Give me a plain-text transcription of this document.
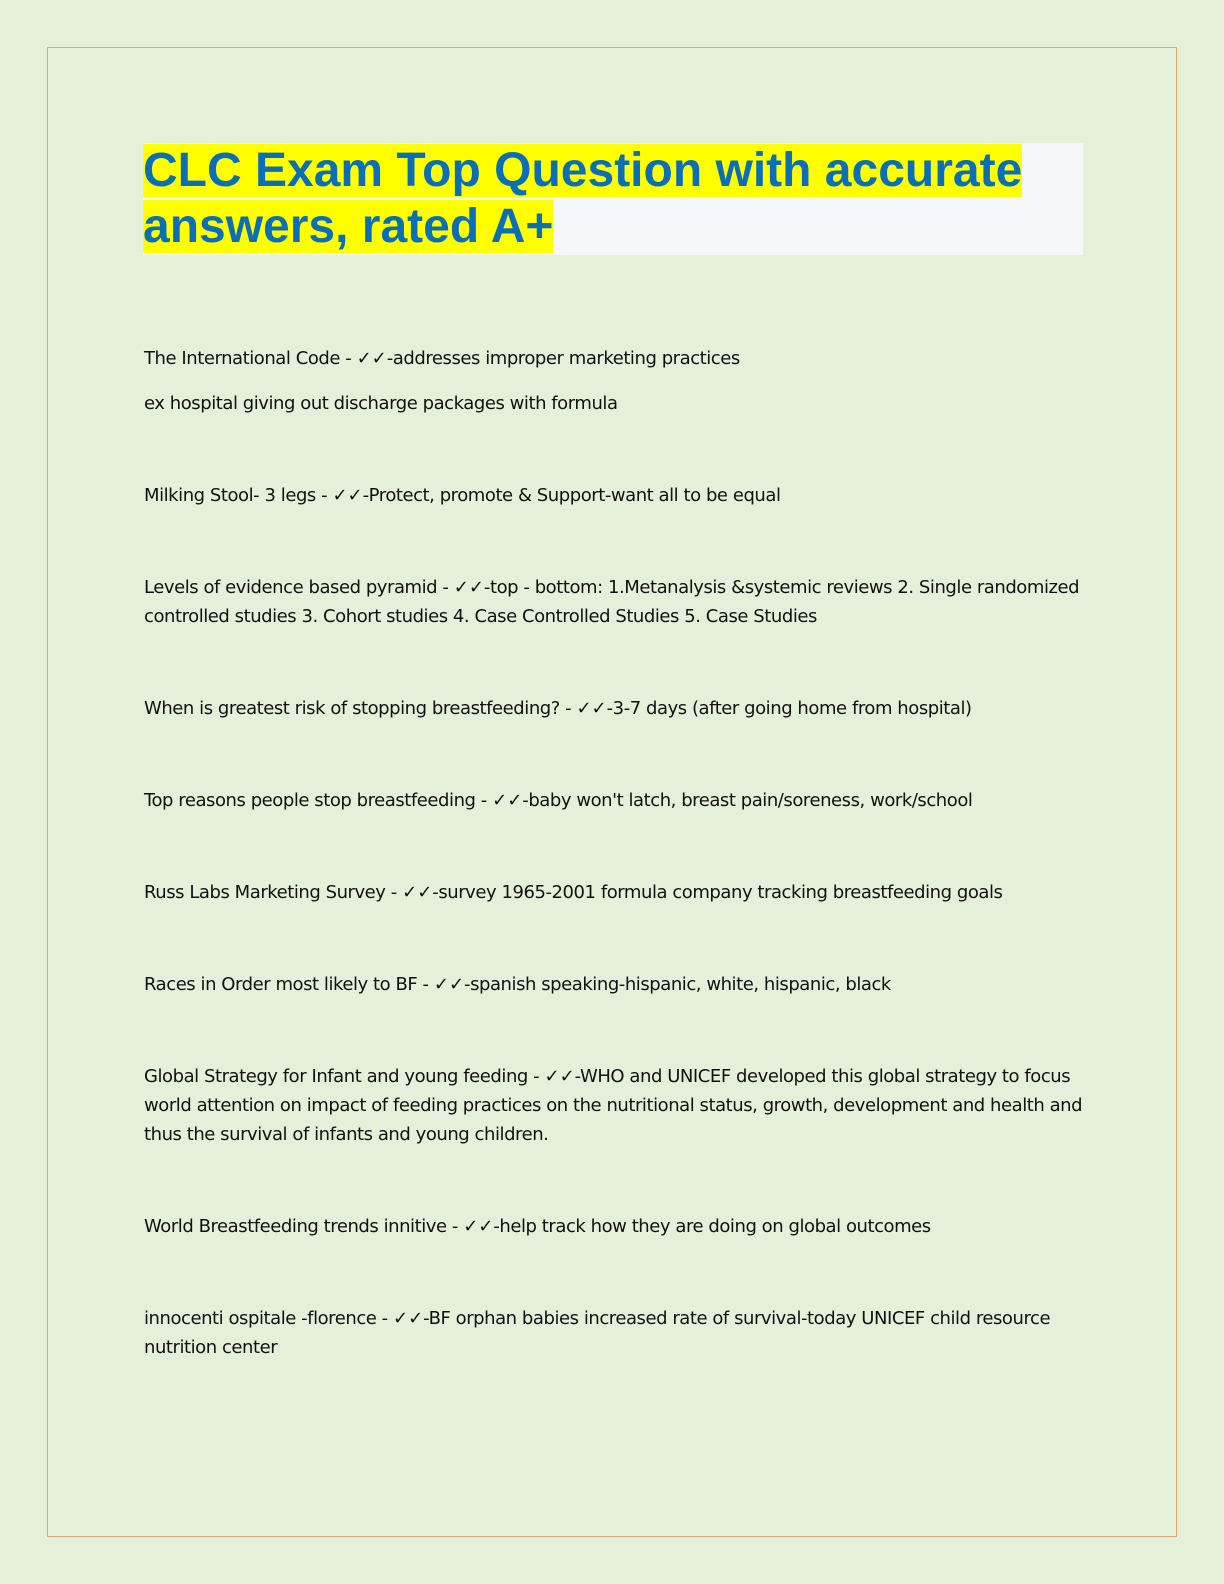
CLC Exam Top Question with accurate answers, rated A+

The International Code - ✓✓-addresses improper marketing practices

ex hospital giving out discharge packages with formula

Milking Stool- 3 legs - ✓✓-Protect, promote & Support-want all to be equal

Levels of evidence based pyramid - ✓✓-top - bottom: 1.Metanalysis &systemic reviews 2. Single randomized controlled studies 3. Cohort studies 4. Case Controlled Studies 5. Case Studies

When is greatest risk of stopping breastfeeding? - ✓✓-3-7 days (after going home from hospital)

Top reasons people stop breastfeeding - ✓✓-baby won't latch, breast pain/soreness, work/school

Russ Labs Marketing Survey - ✓✓-survey 1965-2001 formula company tracking breastfeeding goals

Races in Order most likely to BF - ✓✓-spanish speaking-hispanic, white, hispanic, black

Global Strategy for Infant and young feeding - ✓✓-WHO and UNICEF developed this global strategy to focus world attention on impact of feeding practices on the nutritional status, growth, development and health and thus the survival of infants and young children.

World Breastfeeding trends innitive - ✓✓-help track how they are doing on global outcomes

innocenti ospitale -florence - ✓✓-BF orphan babies increased rate of survival-today UNICEF child resource nutrition center
